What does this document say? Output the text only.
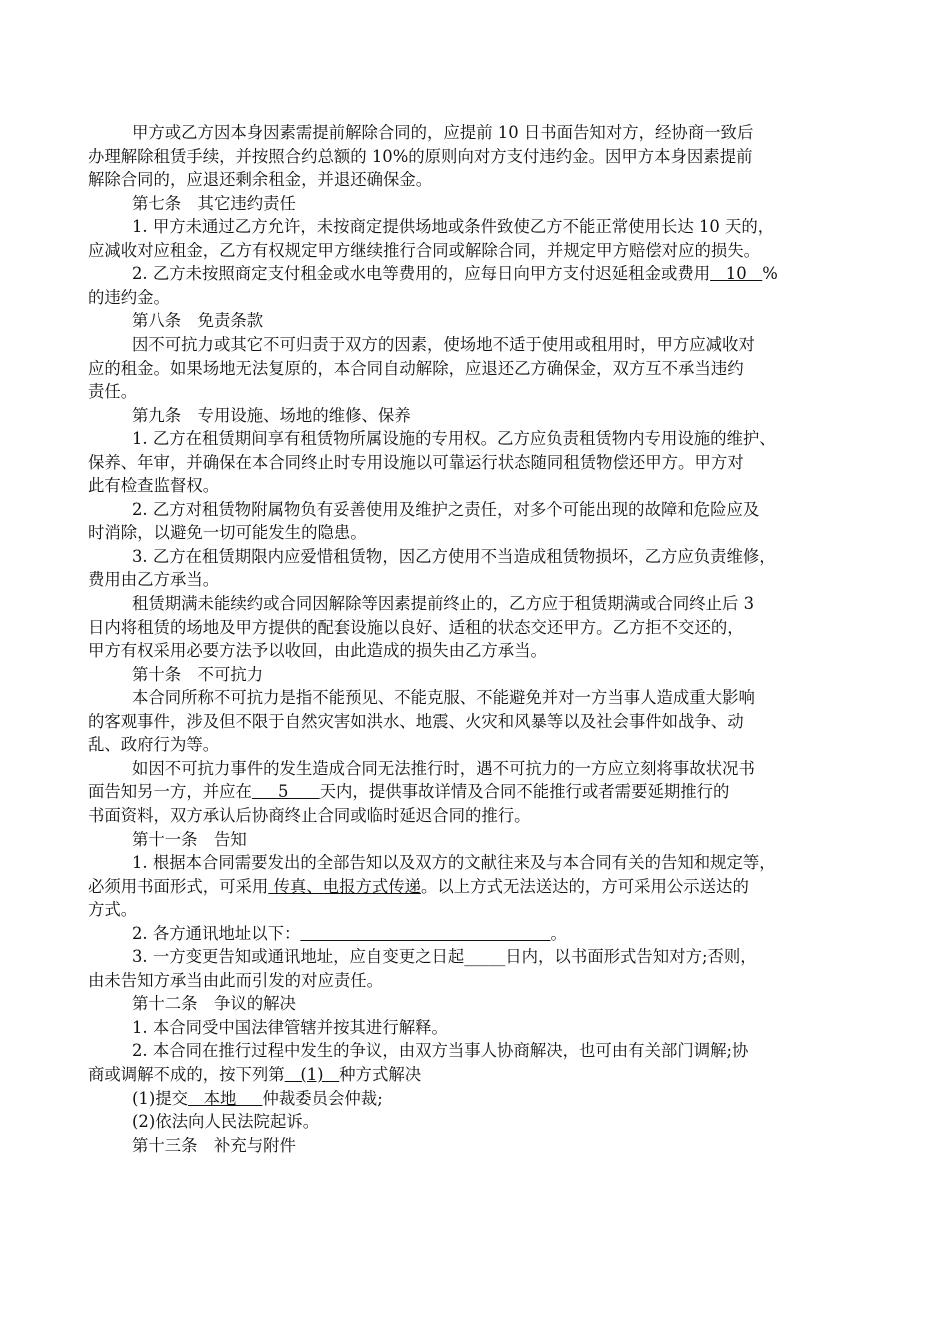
甲方或乙方因本身因素需提前解除合同的，应提前 10 日书面告知对方，经协商一致后
办理解除租赁手续，并按照合约总额的 10%的原则向对方支付违约金。因甲方本身因素提前
解除合同的，应退还剩余租金，并退还确保金。
第七条　其它违约责任
1. 甲方未通过乙方允许，未按商定提供场地或条件致使乙方不能正常使用长达 10 天的，
应减收对应租金，乙方有权规定甲方继续推行合同或解除合同，并规定甲方赔偿对应的损失。
2. 乙方未按照商定支付租金或水电等费用的，应每日向甲方支付迟延租金或费用   10   %
的违约金。
第八条　免责条款
因不可抗力或其它不可归责于双方的因素，使场地不适于使用或租用时，甲方应减收对
应的租金。如果场地无法复原的，本合同自动解除，应退还乙方确保金，双方互不承当违约
责任。
第九条　专用设施、场地的维修、保养
1. 乙方在租赁期间享有租赁物所属设施的专用权。乙方应负责租赁物内专用设施的维护、
保养、年审，并确保在本合同终止时专用设施以可靠运行状态随同租赁物偿还甲方。甲方对
此有检查监督权。
2. 乙方对租赁物附属物负有妥善使用及维护之责任，对多个可能出现的故障和危险应及
时消除，以避免一切可能发生的隐患。
3. 乙方在租赁期限内应爱惜租赁物，因乙方使用不当造成租赁物损坏，乙方应负责维修，
费用由乙方承当。
租赁期满未能续约或合同因解除等因素提前终止的，乙方应于租赁期满或合同终止后 3
日内将租赁的场地及甲方提供的配套设施以良好、适租的状态交还甲方。乙方拒不交还的，
甲方有权采用必要方法予以收回，由此造成的损失由乙方承当。
第十条　不可抗力
本合同所称不可抗力是指不能预见、不能克服、不能避免并对一方当事人造成重大影响
的客观事件，涉及但不限于自然灾害如洪水、地震、火灾和风暴等以及社会事件如战争、动
乱、政府行为等。
如因不可抗力事件的发生造成合同无法推行时，遇不可抗力的一方应立刻将事故状况书
面告知另一方，并应在     5      天内，提供事故详情及合同不能推行或者需要延期推行的
书面资料，双方承认后协商终止合同或临时延迟合同的推行。
第十一条　告知
1. 根据本合同需要发出的全部告知以及双方的文献往来及与本合同有关的告知和规定等，
必须用书面形式，可采用 传真、电报方式传递。以上方式无法送达的，方可采用公示送达的
方式。
2. 各方通讯地址以下：	。
3. 一方变更告知或通讯地址，应自变更之日起_____日内，以书面形式告知对方;否则，
由未告知方承当由此而引发的对应责任。
第十二条　争议的解决
1. 本合同受中国法律管辖并按其进行解释。
2. 本合同在推行过程中发生的争议，由双方当事人协商解决，也可由有关部门调解;协
商或调解不成的，按下列第   (1)   种方式解决
(1)提交   本地     仲裁委员会仲裁;
(2)依法向人民法院起诉。
第十三条　补充与附件
